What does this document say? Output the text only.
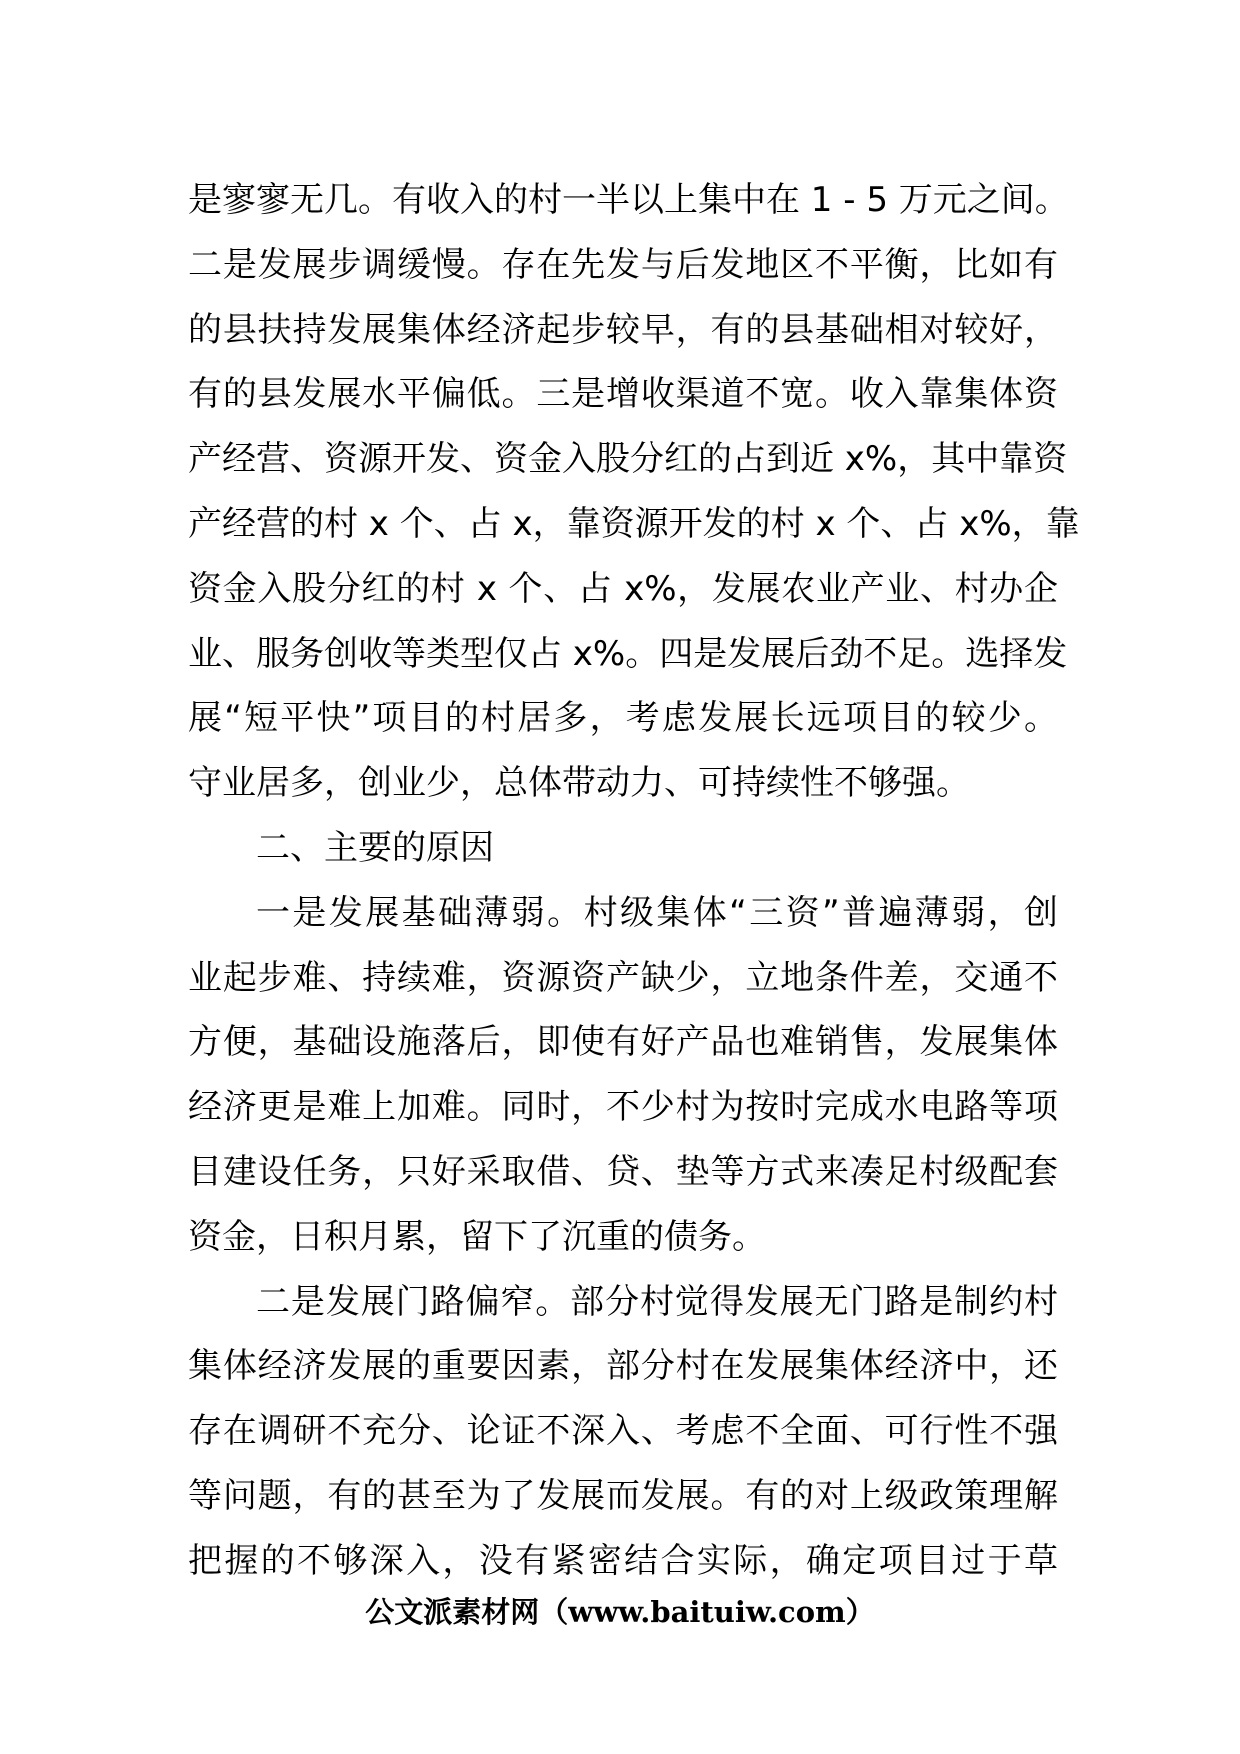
是寥寥无几。有收入的村一半以上集中在 1 - 5 万元之间。
二是发展步调缓慢。存在先发与后发地区不平衡，比如有
的县扶持发展集体经济起步较早，有的县基础相对较好，
有的县发展水平偏低。三是增收渠道不宽。收入靠集体资
产经营、资源开发、资金入股分红的占到近 x%，其中靠资
产经营的村 x 个、占 x，靠资源开发的村 x 个、占 x%，靠
资金入股分红的村 x 个、占 x%，发展农业产业、村办企
业、服务创收等类型仅占 x%。四是发展后劲不足。选择发
展“短平快”项目的村居多，考虑发展长远项目的较少。
守业居多，创业少，总体带动力、可持续性不够强。
二、主要的原因
一是发展基础薄弱。村级集体“三资”普遍薄弱，创
业起步难、持续难，资源资产缺少，立地条件差，交通不
方便，基础设施落后，即使有好产品也难销售，发展集体
经济更是难上加难。同时，不少村为按时完成水电路等项
目建设任务，只好采取借、贷、垫等方式来凑足村级配套
资金，日积月累，留下了沉重的债务。
二是发展门路偏窄。部分村觉得发展无门路是制约村
集体经济发展的重要因素，部分村在发展集体经济中，还
存在调研不充分、论证不深入、考虑不全面、可行性不强
等问题，有的甚至为了发展而发展。有的对上级政策理解
把握的不够深入，没有紧密结合实际，确定项目过于草
公文派素材网（www.baituiw.com）
